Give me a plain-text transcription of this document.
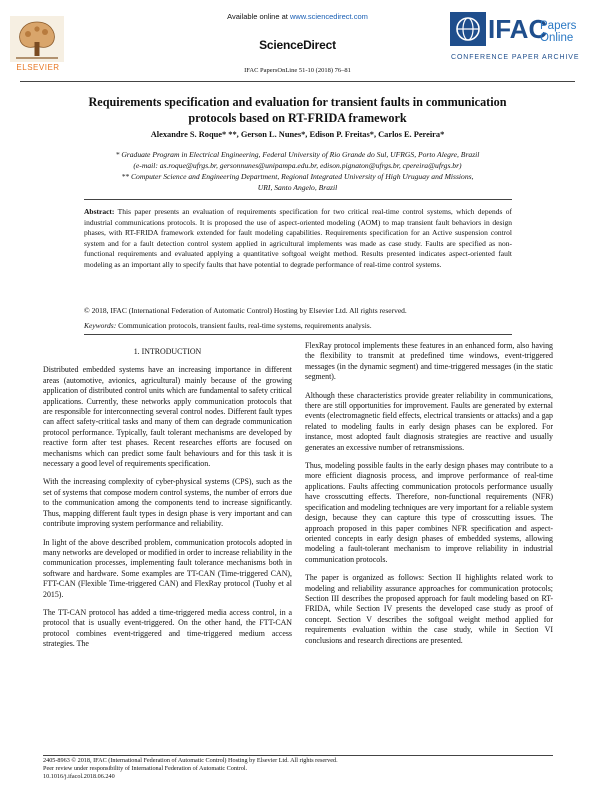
Available online at www.sciencedirect.com
ScienceDirect
IFAC PapersOnLine 51-10 (2018) 76–81
ELSEVIER
IFAC
Papers
Online
CONFERENCE PAPER ARCHIVE
Requirements specification and evaluation for transient faults in communication
protocols based on RT-FRIDA framework
Alexandre S. Roque* **, Gerson L. Nunes*, Edison P. Freitas*, Carlos E. Pereira*
* Graduate Program in Electrical Engineering, Federal University of Rio Grande do Sul, UFRGS, Porto Alegre, Brazil
(e-mail: as.roque@ufrgs.br, gersonnunes@unipampa.edu.br, edison.pignaton@ufrgs.br, cpereira@ufrgs.br)
** Computer Science and Engineering Department, Regional Integrated University of High Uruguay and Missions,
URI, Santo Angelo, Brazil
Abstract: This paper presents an evaluation of requirements specification for two critical real-time control systems, which depends of industrial communications protocols. It is proposed the use of aspect-oriented modeling (AOM) to map transient fault behaviors in design phases, with RT-FRIDA framework extended for fault modeling capabilities. Requirements specification for an Active suspension control system and for a fault detection control system applied in agricultural implements was made as case study. Faults are specified as non-functional requirements and evaluated applying a quantitative softgoal weight method. Results presented indicates aspect-oriented fault modeling as an important ally to specify faults that have potential to degrade performance of real-time control systems.
© 2018, IFAC (International Federation of Automatic Control) Hosting by Elsevier Ltd. All rights reserved.
Keywords: Communication protocols, transient faults, real-time systems, requirements analysis.
1. INTRODUCTION

Distributed embedded systems have an increasing importance in different areas (automotive, avionics, agricultural) mainly because of the growing application of distributed control units which are fundamental to safety critical applications. Currently, these networks apply communication protocols that are responsible for interconnecting several control nodes. Different fault types can affect safety-critical tasks and many of them can degrade communication protocol performance. Typically, fault tolerant mechanisms are developed by reactive form after test phases. Recent researches efforts are focused on mechanisms which can predict some fault behaviours and for this task it is necessary a good level of requirements specification.

With the increasing complexity of cyber-physical systems (CPS), such as the set of systems that compose modern control systems, the number of errors due to the communication among the components tend to increase significantly. Thus, mapping different fault types in design phase is very important and can contribute improving system performance and reliability.

In light of the above described problem, communication protocols adopted in many networks are developed or modified in order to increase reliability in the communication processes, implementing fault tolerance mechanisms both in software and hardware. Some examples are TT-CAN (Time-triggered CAN), FTT-CAN (Flexible Time-triggered CAN) and FlexRay protocol (Tuohy et al 2015).

The TT-CAN protocol has added a time-triggered media access control, in a protocol that is usually event-triggered. On the other hand, the FTT-CAN protocol combines event-triggered and time-triggered medium access strategies. The

FlexRay protocol implements these features in an enhanced form, also having the flexibility to transmit at predefined time windows, event-triggered messages (in the dynamic segment) and time-triggered messages (in the static segment).

Although these characteristics provide greater reliability in communications, there are still opportunities for improvement. Faults are generated by external events (electromagnetic field effects, electrical transients or attacks) and a gap related to modeling faults in early design phases can be explored. For instance, most adopted fault diagnosis strategies are reactive and usually generates an excessive number of retransmissions.

Thus, modeling possible faults in the early design phases may contribute to a more efficient diagnosis process, and improve performance of real-time applications. Faults affecting communication protocols performance usually have crosscutting effects. Therefore, non-functional requirements (NFR) specification and modeling techniques are very important for a reliable system design, because they can capture this type of crosscutting issues. The approach proposed in this paper combines NFR specification and aspect-oriented concepts in early design phases of embedded systems, allowing modeling a fault-tolerant mechanism to improve reliability in industrial communication protocols.

The paper is organized as follows: Section II highlights related work to modeling and reliability assurance approaches for communication protocols; Section III describes the proposed approach for fault modeling based on RT-FRIDA, while Section IV presents the developed case study as proof of concept. Section V describes the softgoal weight method applied for requirements evaluation within the case study, while in Section VI conclusions and research directions are presented.

2405-8963 © 2018, IFAC (International Federation of Automatic Control) Hosting by Elsevier Ltd. All rights reserved.
Peer review under responsibility of International Federation of Automatic Control.
10.1016/j.ifacol.2018.06.240
